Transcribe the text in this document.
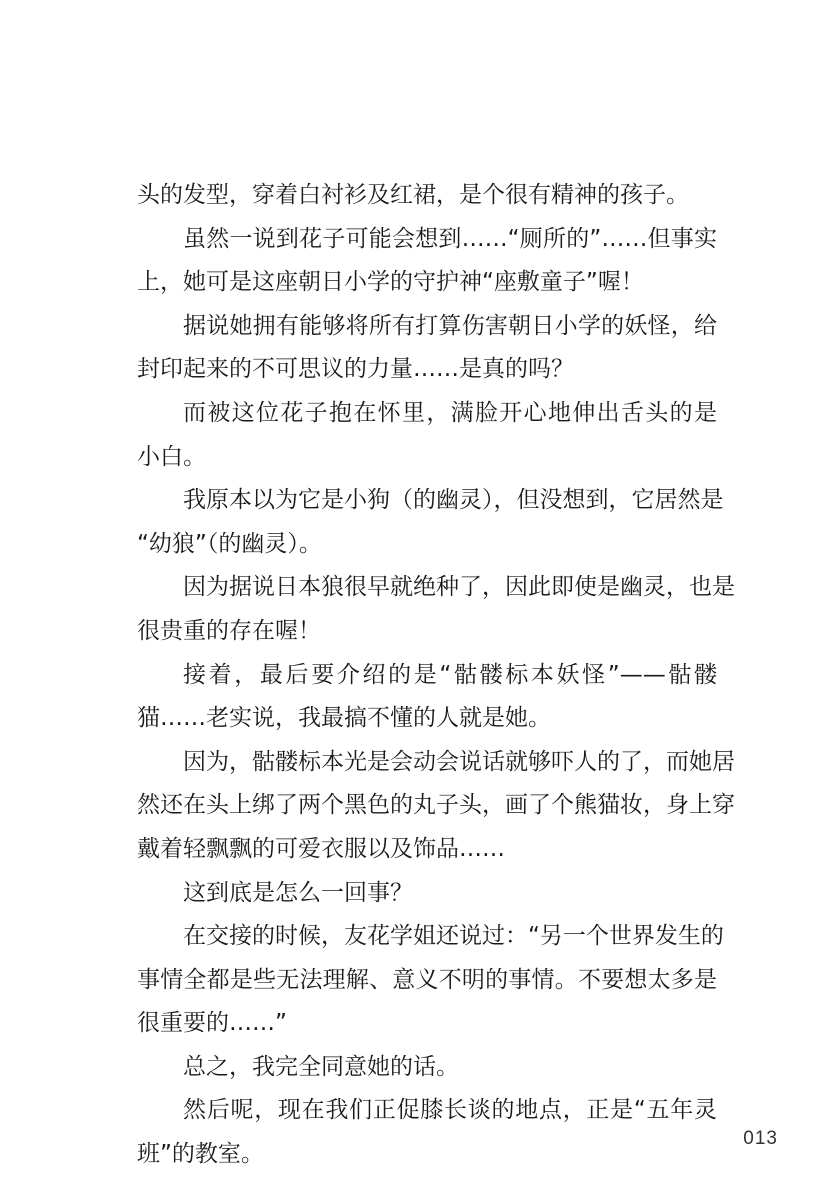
头的发型，穿着白衬衫及红裙，是个很有精神的孩子。
虽然一说到花子可能会想到……“厕所的”……但事实
上，她可是这座朝日小学的守护神“座敷童子”喔！
据说她拥有能够将所有打算伤害朝日小学的妖怪，给
封印起来的不可思议的力量……是真的吗？
而被这位花子抱在怀里，满脸开心地伸出舌头的是
小白。
我原本以为它是小狗（的幽灵），但没想到，它居然是
“幼狼”（的幽灵）。
因为据说日本狼很早就绝种了，因此即使是幽灵，也是
很贵重的存在喔！
接着，最后要介绍的是“骷髅标本妖怪”——骷髅
猫……老实说，我最搞不懂的人就是她。
因为，骷髅标本光是会动会说话就够吓人的了，而她居
然还在头上绑了两个黑色的丸子头，画了个熊猫妆，身上穿
戴着轻飘飘的可爱衣服以及饰品……
这到底是怎么一回事？
在交接的时候，友花学姐还说过：“另一个世界发生的
事情全都是些无法理解、意义不明的事情。不要想太多是
很重要的……”
总之，我完全同意她的话。
然后呢，现在我们正促膝长谈的地点，正是“五年灵
班”的教室。
013
